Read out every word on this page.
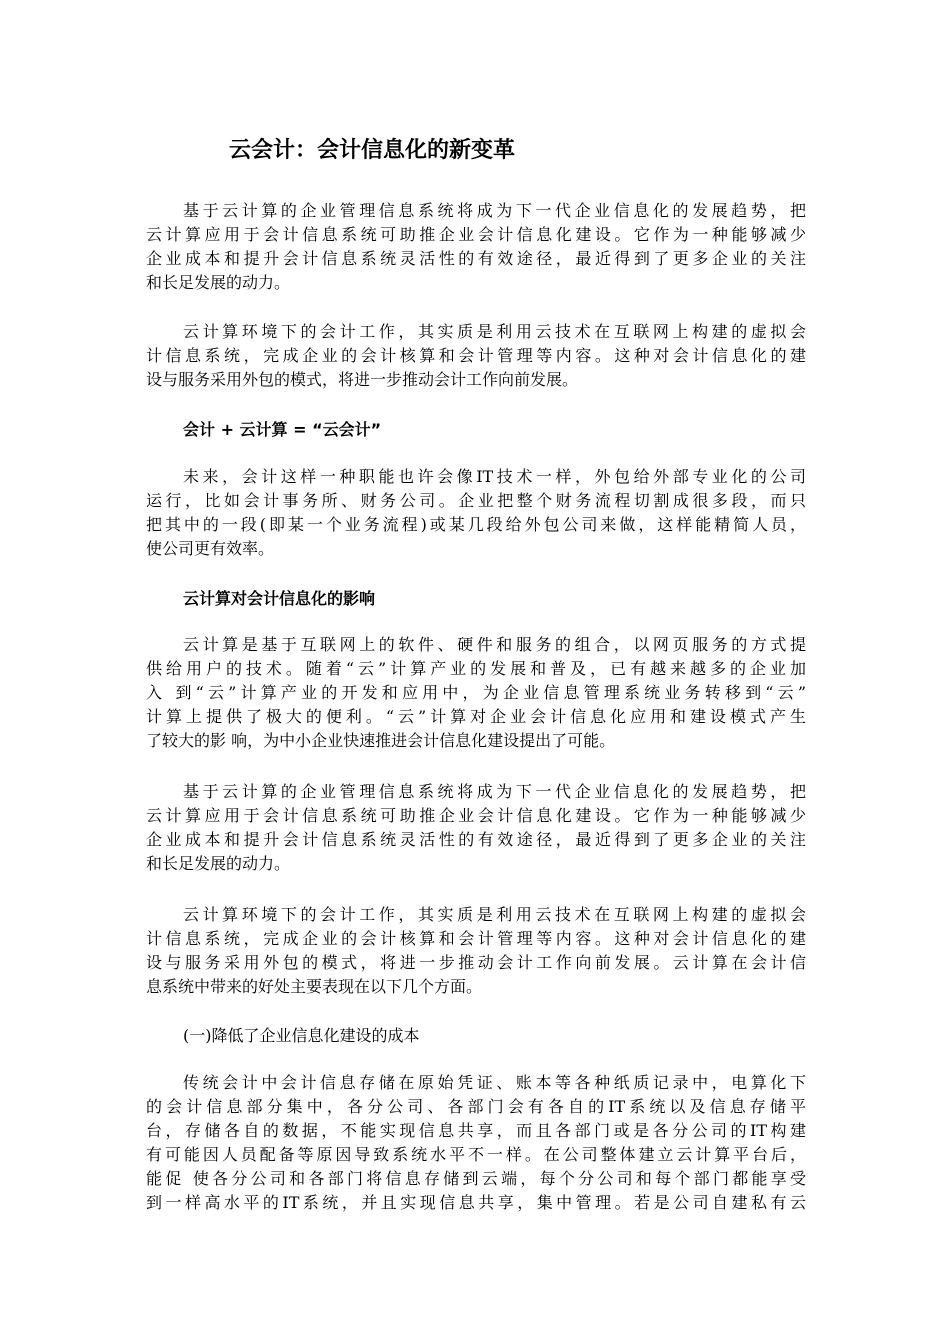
云会计：会计信息化的新变革
基于云计算的企业管理信息系统将成为下一代企业信息化的发展趋势，把
云计算应用于会计信息系统可助推企业会计信息化建设。它作为一种能够减少
企业成本和提升会计信息系统灵活性的有效途径，最近得到了更多企业的关注
和长足发展的动力。
云计算环境下的会计工作，其实质是利用云技术在互联网上构建的虚拟会
计信息系统，完成企业的会计核算和会计管理等内容。这种对会计信息化的建
设与服务采用外包的模式，将进一步推动会计工作向前发展。
会计 + 云计算 = “云会计”
未来，会计这样一种职能也许会像IT技术一样，外包给外部专业化的公司
运行，比如会计事务所、财务公司。企业把整个财务流程切割成很多段，而只
把其中的一段(即某一个业务流程)或某几段给外包公司来做，这样能精简人员，
使公司更有效率。
云计算对会计信息化的影响
云计算是基于互联网上的软件、硬件和服务的组合，以网页服务的方式提
供给用户的技术。随着“云”计算产业的发展和普及，已有越来越多的企业加
入 到“云”计算产业的开发和应用中，为企业信息管理系统业务转移到“云”
计算上提供了极大的便利。“云”计算对企业会计信息化应用和建设模式产生
了较大的影 响，为中小企业快速推进会计信息化建设提出了可能。
基于云计算的企业管理信息系统将成为下一代企业信息化的发展趋势，把
云计算应用于会计信息系统可助推企业会计信息化建设。它作为一种能够减少
企业成本和提升会计信息系统灵活性的有效途径，最近得到了更多企业的关注
和长足发展的动力。
云计算环境下的会计工作，其实质是利用云技术在互联网上构建的虚拟会
计信息系统，完成企业的会计核算和会计管理等内容。这种对会计信息化的建
设与服务采用外包的模式，将进一步推动会计工作向前发展。云计算在会计信
息系统中带来的好处主要表现在以下几个方面。
(一)降低了企业信息化建设的成本
传统会计中会计信息存储在原始凭证、账本等各种纸质记录中，电算化下
的会计信息部分集中，各分公司、各部门会有各自的IT系统以及信息存储平
台，存储各自的数据，不能实现信息共享，而且各部门或是各分公司的IT构建
有可能因人员配备等原因导致系统水平不一样。在公司整体建立云计算平台后，
能促 使各分公司和各部门将信息存储到云端，每个分公司和每个部门都能享受
到一样高水平的IT系统，并且实现信息共享，集中管理。若是公司自建私有云
